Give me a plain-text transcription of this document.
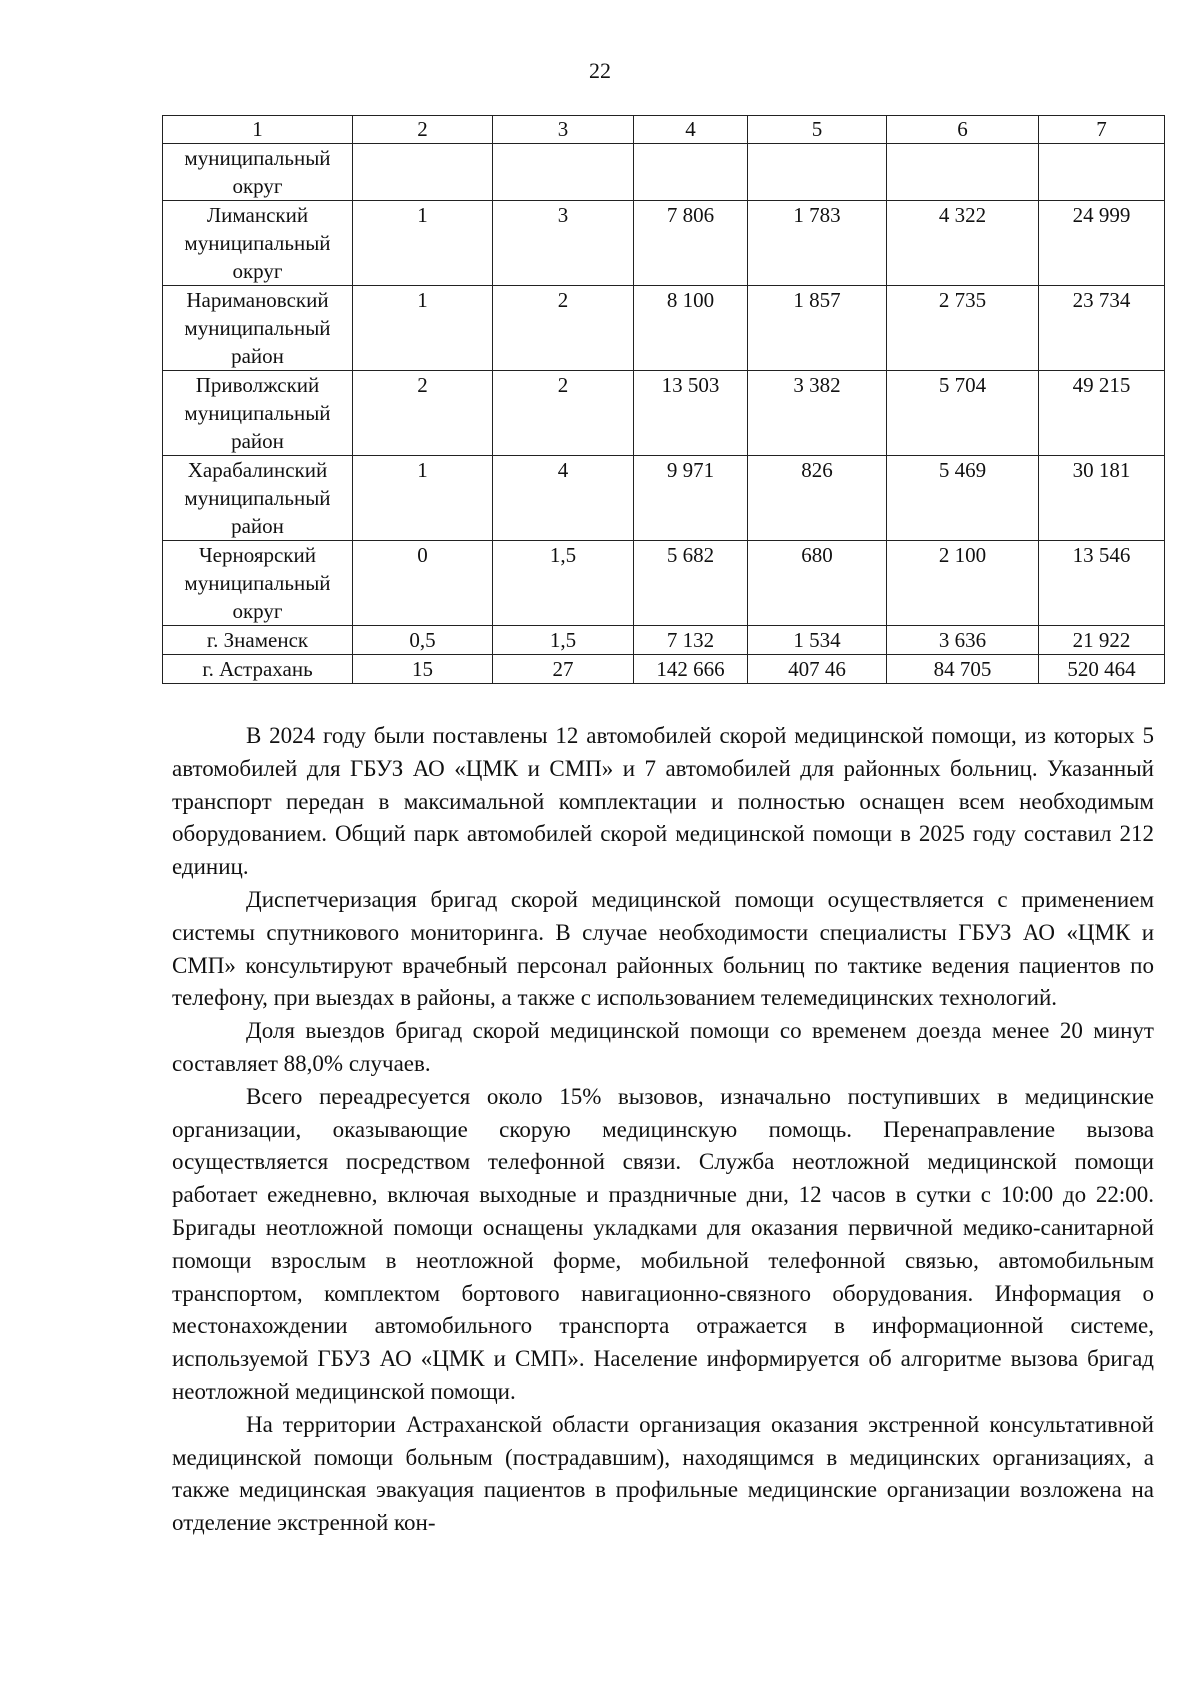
22
1	2	3	4	5	6	7
муниципальный округ						
Лиманский муниципальный округ	1	3	7 806	1 783	4 322	24 999
Наримановский муниципальный район	1	2	8 100	1 857	2 735	23 734
Приволжский муниципальный район	2	2	13 503	3 382	5 704	49 215
Харабалинский муниципальный район	1	4	9 971	826	5 469	30 181
Черноярский муниципальный округ	0	1,5	5 682	680	2 100	13 546
г. Знаменск	0,5	1,5	7 132	1 534	3 636	21 922
г. Астрахань	15	27	142 666	407 46	84 705	520 464

В 2024 году были поставлены 12 автомобилей скорой медицинской помощи, из которых 5 автомобилей для ГБУЗ АО «ЦМК и СМП» и 7 автомобилей для районных больниц. Указанный транспорт передан в максимальной комплектации и полностью оснащен всем необходимым оборудованием. Общий парк автомобилей скорой медицинской помощи в 2025 году составил 212 единиц.

Диспетчеризация бригад скорой медицинской помощи осуществляется с применением системы спутникового мониторинга. В случае необходимости специалисты ГБУЗ АО «ЦМК и СМП» консультируют врачебный персонал районных больниц по тактике ведения пациентов по телефону, при выездах в районы, а также с использованием телемедицинских технологий.

Доля выездов бригад скорой медицинской помощи со временем доезда менее 20 минут составляет 88,0% случаев.

Всего переадресуется около 15% вызовов, изначально поступивших в медицинские организации, оказывающие скорую медицинскую помощь. Перенаправление вызова осуществляется посредством телефонной связи. Служба неотложной медицинской помощи работает ежедневно, включая выходные и праздничные дни, 12 часов в сутки с 10:00 до 22:00. Бригады неотложной помощи оснащены укладками для оказания первичной медико-санитарной помощи взрослым в неотложной форме, мобильной телефонной связью, автомобильным транспортом, комплектом бортового навигационно-связного оборудования. Информация о местонахождении автомобильного транспорта отражается в информационной системе, используемой ГБУЗ АО «ЦМК и СМП». Население информируется об алгоритме вызова бригад неотложной медицинской помощи.

На территории Астраханской области организация оказания экстренной консультативной медицинской помощи больным (пострадавшим), находящимся в медицинских организациях, а также медицинская эвакуация пациентов в профильные медицинские организации возложена на отделение экстренной кон-
